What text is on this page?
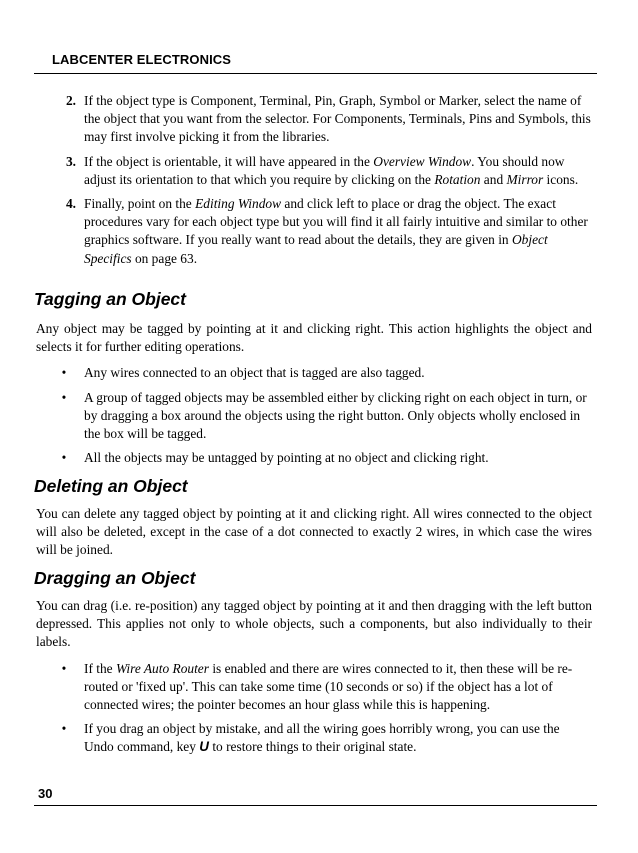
LABCENTER ELECTRONICS
2. If the object type is Component, Terminal, Pin, Graph, Symbol or Marker, select the name of the object that you want from the selector. For Components, Terminals, Pins and Symbols, this may first involve picking it from the libraries.
3. If the object is orientable, it will have appeared in the Overview Window. You should now adjust its orientation to that which you require by clicking on the Rotation and Mirror icons.
4. Finally, point on the Editing Window and click left to place or drag the object. The exact procedures vary for each object type but you will find it all fairly intuitive and similar to other graphics software. If you really want to read about the details, they are given in Object Specifics on page 63.
Tagging an Object

Any object may be tagged by pointing at it and clicking right. This action highlights the object and selects it for further editing operations.

•	Any wires connected to an object that is tagged are also tagged.
•	A group of tagged objects may be assembled either by clicking right on each object in turn, or by dragging a box around the objects using the right button. Only objects wholly enclosed in the box will be tagged.
•	All the objects may be untagged by pointing at no object and clicking right.
Deleting an Object

You can delete any tagged object by pointing at it and clicking right. All wires connected to the object will also be deleted, except in the case of a dot connected to exactly 2 wires, in which case the wires will be joined.

Dragging an Object

You can drag (i.e. re-position) any tagged object by pointing at it and then dragging with the left button depressed. This applies not only to whole objects, such a components, but also individually to their labels.

•	If the Wire Auto Router is enabled and there are wires connected to it, then these will be re-routed or 'fixed up'. This can take some time (10 seconds or so) if the object has a lot of connected wires; the pointer becomes an hour glass while this is happening.
•	If you drag an object by mistake, and all the wiring goes horribly wrong, you can use the Undo command, key U to restore things to their original state.
30
